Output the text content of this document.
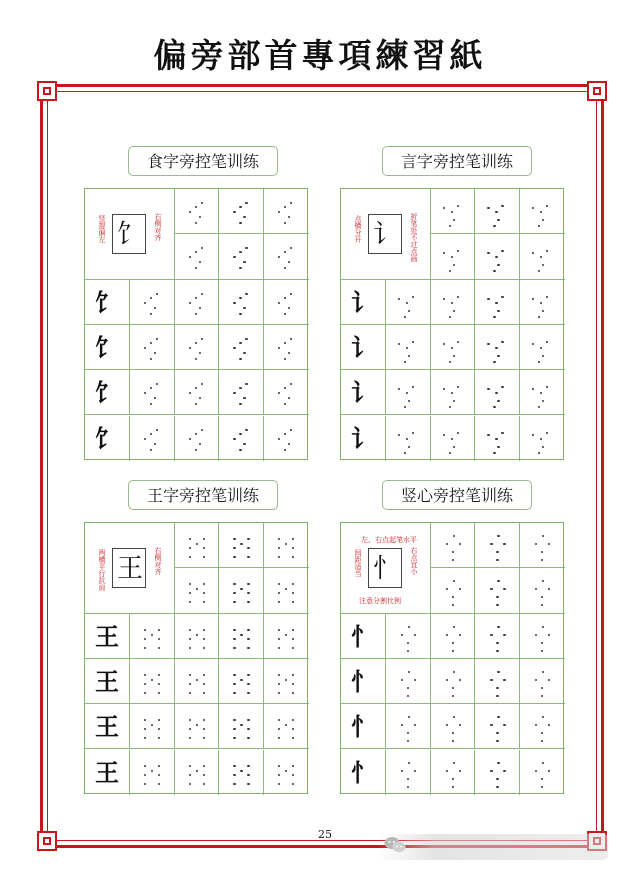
偏旁部首專項練習紙
食字旁控笔训练
饣
饣
饣
饣
饣
竖提偏左	右侧对齐
言字旁控笔训练
讠
讠
讠
讠
讠
点横分开	折笔处不过点画
王字旁控笔训练
王
王
王
王
王
两横平行抗肩	右侧对齐
竖心旁控笔训练
忄
忄
忄
忄
忄
间距适当	右点宜小
左、右点起笔水平
注意分割比例
25
